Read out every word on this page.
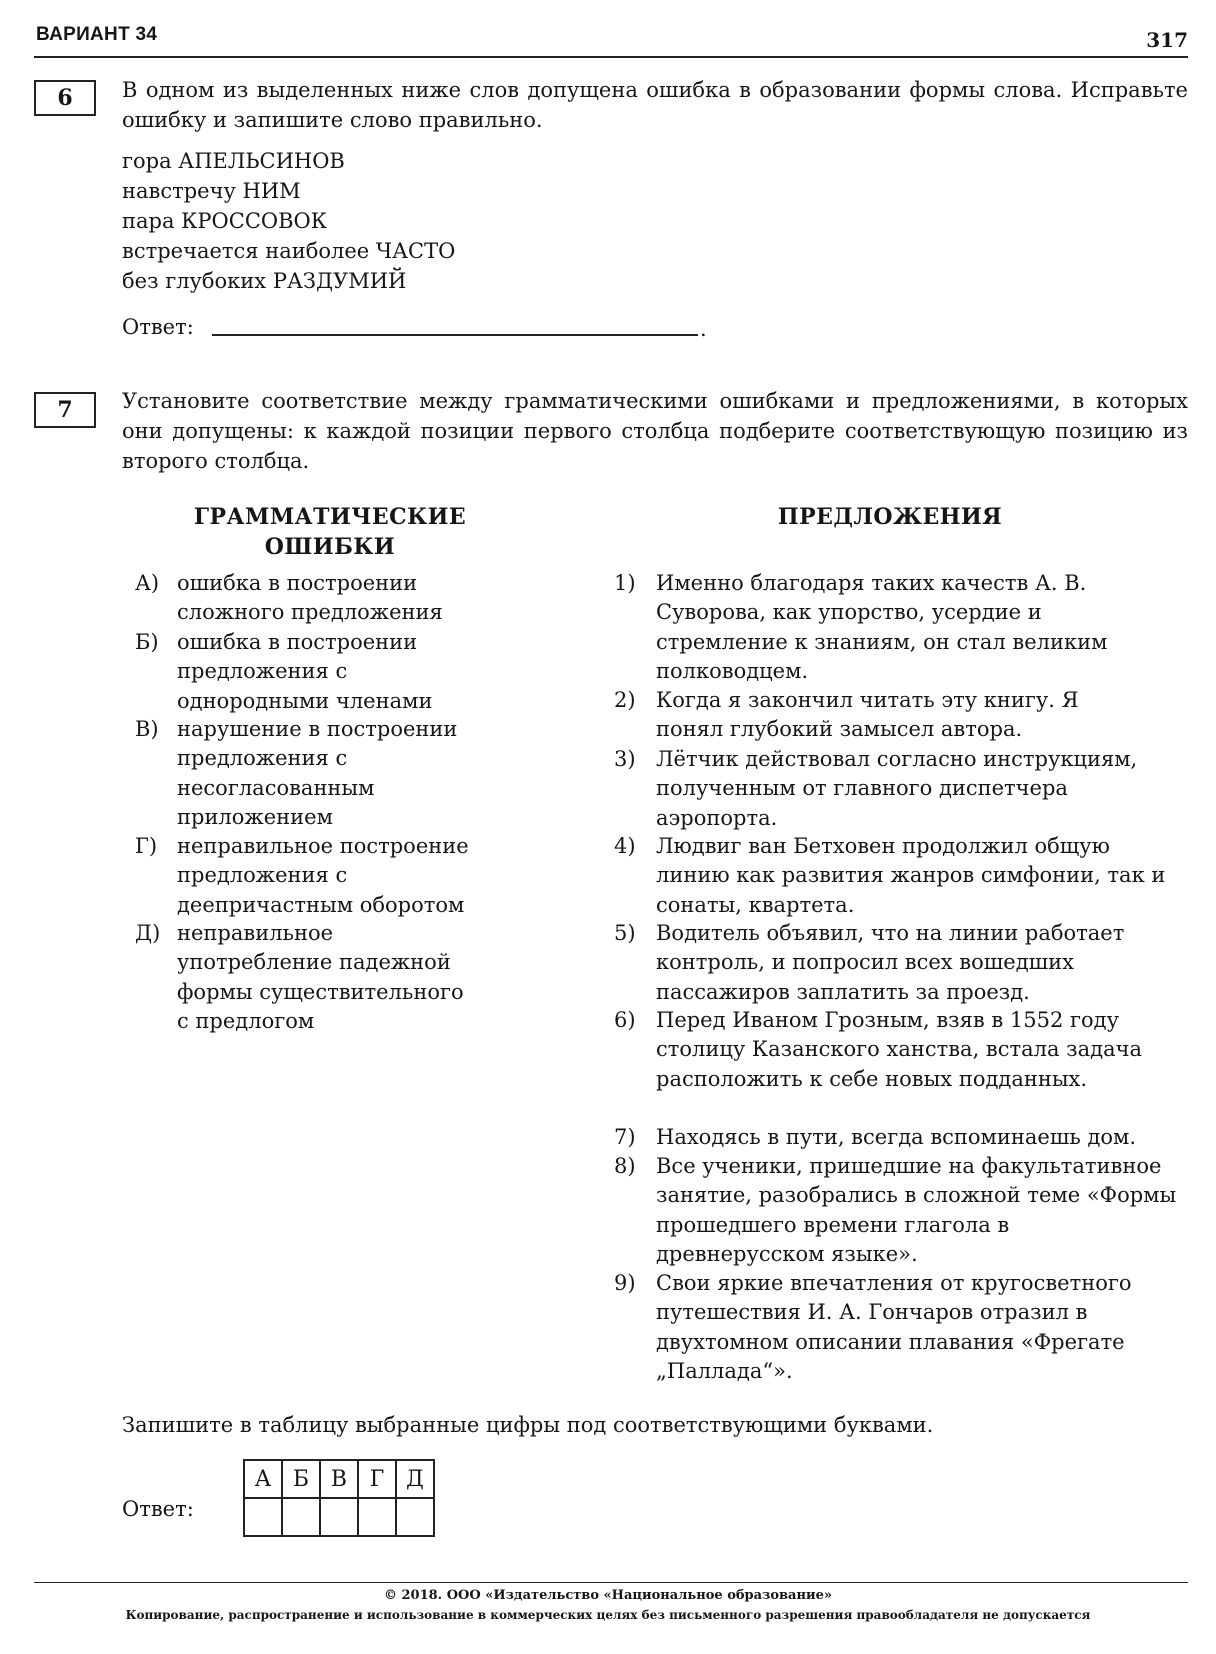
ВАРИАНТ 34	317
6	В одном из выделенных ниже слов допущена ошибка в образовании формы слова. Исправьте ошибку и запишите слово правильно.
гора АПЕЛЬСИНОВ
навстречу НИМ
пара КРОССОВОК
встречается наиболее ЧАСТО
без глубоких РАЗДУМИЙ
Ответ:	.
7	Установите соответствие между грамматическими ошибками и предложениями, в которых они допущены: к каждой позиции первого столбца подберите соответствующую позицию из второго столбца.
ГРАММАТИЧЕСКИЕ
ОШИБКИ
ПРЕДЛОЖЕНИЯ
А) ошибка в построении сложного предложения
Б) ошибка в построении предложения с однородными членами
В) нарушение в построении предложения с несогласованным приложением
Г) неправильное построение предложения с деепричастным оборотом
Д) неправильное употребление падежной формы существительного с предлогом
1) Именно благодаря таких качеств А. В. Суворова, как упорство, усердие и стремление к знаниям, он стал великим полководцем.
2) Когда я закончил читать эту книгу. Я понял глубокий замысел автора.
3) Лётчик действовал согласно инструкциям, полученным от главного диспетчера аэропорта.
4) Людвиг ван Бетховен продолжил общую линию как развития жанров симфонии, так и сонаты, квартета.
5) Водитель объявил, что на линии работает контроль, и попросил всех вошедших пассажиров заплатить за проезд.
6) Перед Иваном Грозным, взяв в 1552 году столицу Казанского ханства, встала задача расположить к себе новых подданных.
7) Находясь в пути, всегда вспоминаешь дом.
8) Все ученики, пришедшие на факультативное занятие, разобрались в сложной теме «Формы прошедшего времени глагола в древнерусском языке».
9) Свои яркие впечатления от кругосветного путешествия И. А. Гончаров отразил в двухтомном описании плавания «Фрегате „Паллада“».
Запишите в таблицу выбранные цифры под соответствующими буквами.
Ответ:
А	Б	В	Г	Д

© 2018. ООО «Издательство «Национальное образование»
Копирование, распространение и использование в коммерческих целях без письменного разрешения правообладателя не допускается
